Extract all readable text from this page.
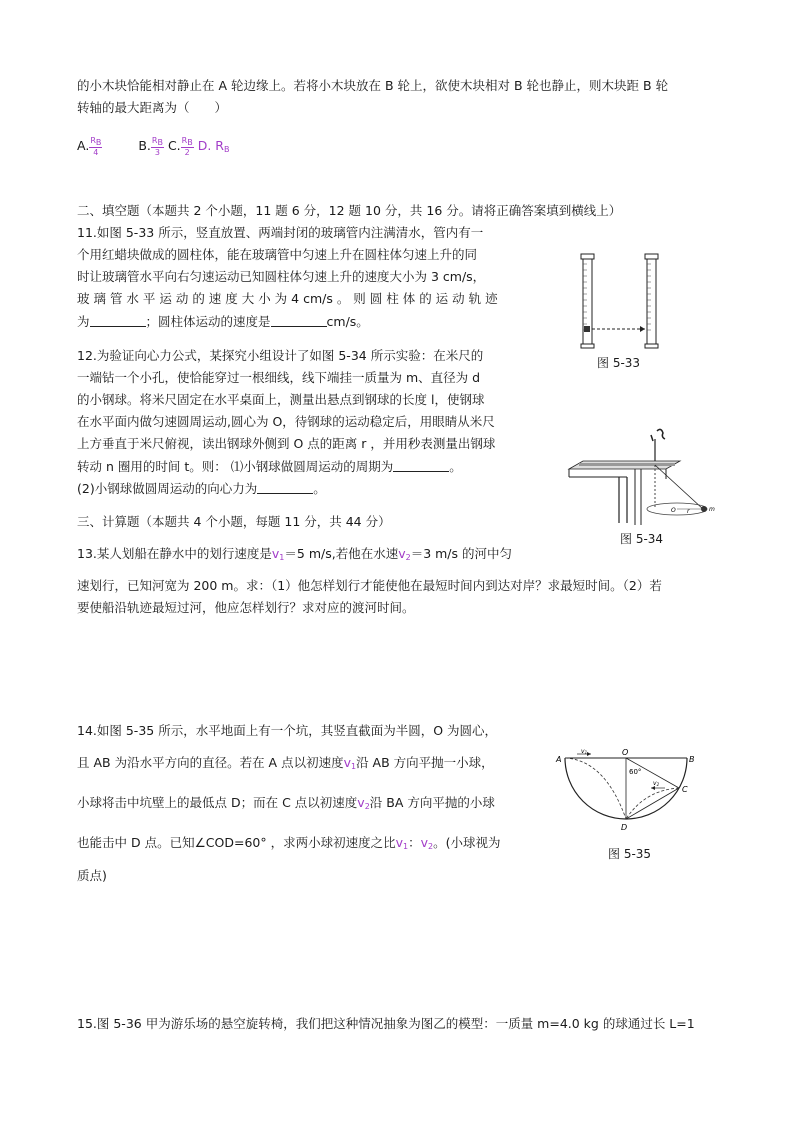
的小木块恰能相对静止在 A 轮边缘上。若将小木块放在 B 轮上，欲使木块相对 B 轮也静止，则木块距 B 轮
转轴的最大距离为（　　）
A. $\frac{RB}{4}$	B. $\frac{RB}{3} C$. $\frac{RB}{2} D$. $R_B$
二、填空题（本题共 2 个小题，11 题 6 分，12 题 10 分，共 16 分。请将正确答案填到横线上）
11.如图 5-33 所示，竖直放置、两端封闭的玻璃管内注满清水，管内有一
个用红蜡块做成的圆柱体，能在玻璃管中匀速上升在圆柱体匀速上升的同
时让玻璃管水平向右匀速运动已知圆柱体匀速上升的速度大小为 3 cm/s，
玻 璃 管 水 平 运 动 的 速 度 大 小 为 4 cm/s 。 则 圆 柱 体 的 运 动 轨 迹
为	；圆柱体运动的速度是	cm/s。
图 5-33
12.为验证向心力公式，某探究小组设计了如图 5-34 所示实验：在米尺的
一端钻一个小孔，使恰能穿过一根细线，线下端挂一质量为 m、直径为 d
的小钢球。将米尺固定在水平桌面上，测量出悬点到钢球的长度 l，使钢球
在水平面内做匀速圆周运动,圆心为 O，待钢球的运动稳定后，用眼睛从米尺
上方垂直于米尺俯视，读出钢球外侧到 O 点的距离 r ，并用秒表测量出钢球
转动 n 圈用的时间 t。则： ⑴小钢球做圆周运动的周期为	。
(2)小钢球做圆周运动的向心力为	。
O r	m
图 5-34
三、计算题（本题共 4 个小题，每题 11 分，共 44 分）
13.某人划船在静水中的划行速度是$v_1=5$ m/s,若他在水速$v_2=3$ m/s 的河中匀
速划行，已知河宽为 200 m。求：（1）他怎样划行才能使他在最短时间内到达对岸？求最短时间。（2）若
要使船沿轨迹最短过河，他应怎样划行？求对应的渡河时间。
14.如图 5-35 所示，水平地面上有一个坑，其竖直截面为半圆，O 为圆心，
且 AB 为沿水平方向的直径。若在 A 点以初速度$v_1$沿 AB 方向平抛一小球，
小球将击中坑壁上的最低点 D；而在 C 点以初速度$v_2$沿 BA 方向平抛的小球
也能击中 D 点。已知∠COD=60° ，求两小球初速度之比$v_1$：$v_2$。(小球视为
质点)
A	B
O
C
D
v1
v2
60°
图 5-35
15.图 5-36 甲为游乐场的悬空旋转椅，我们把这种情况抽象为图乙的模型：一质量 m=4.0 kg 的球通过长 L=1
